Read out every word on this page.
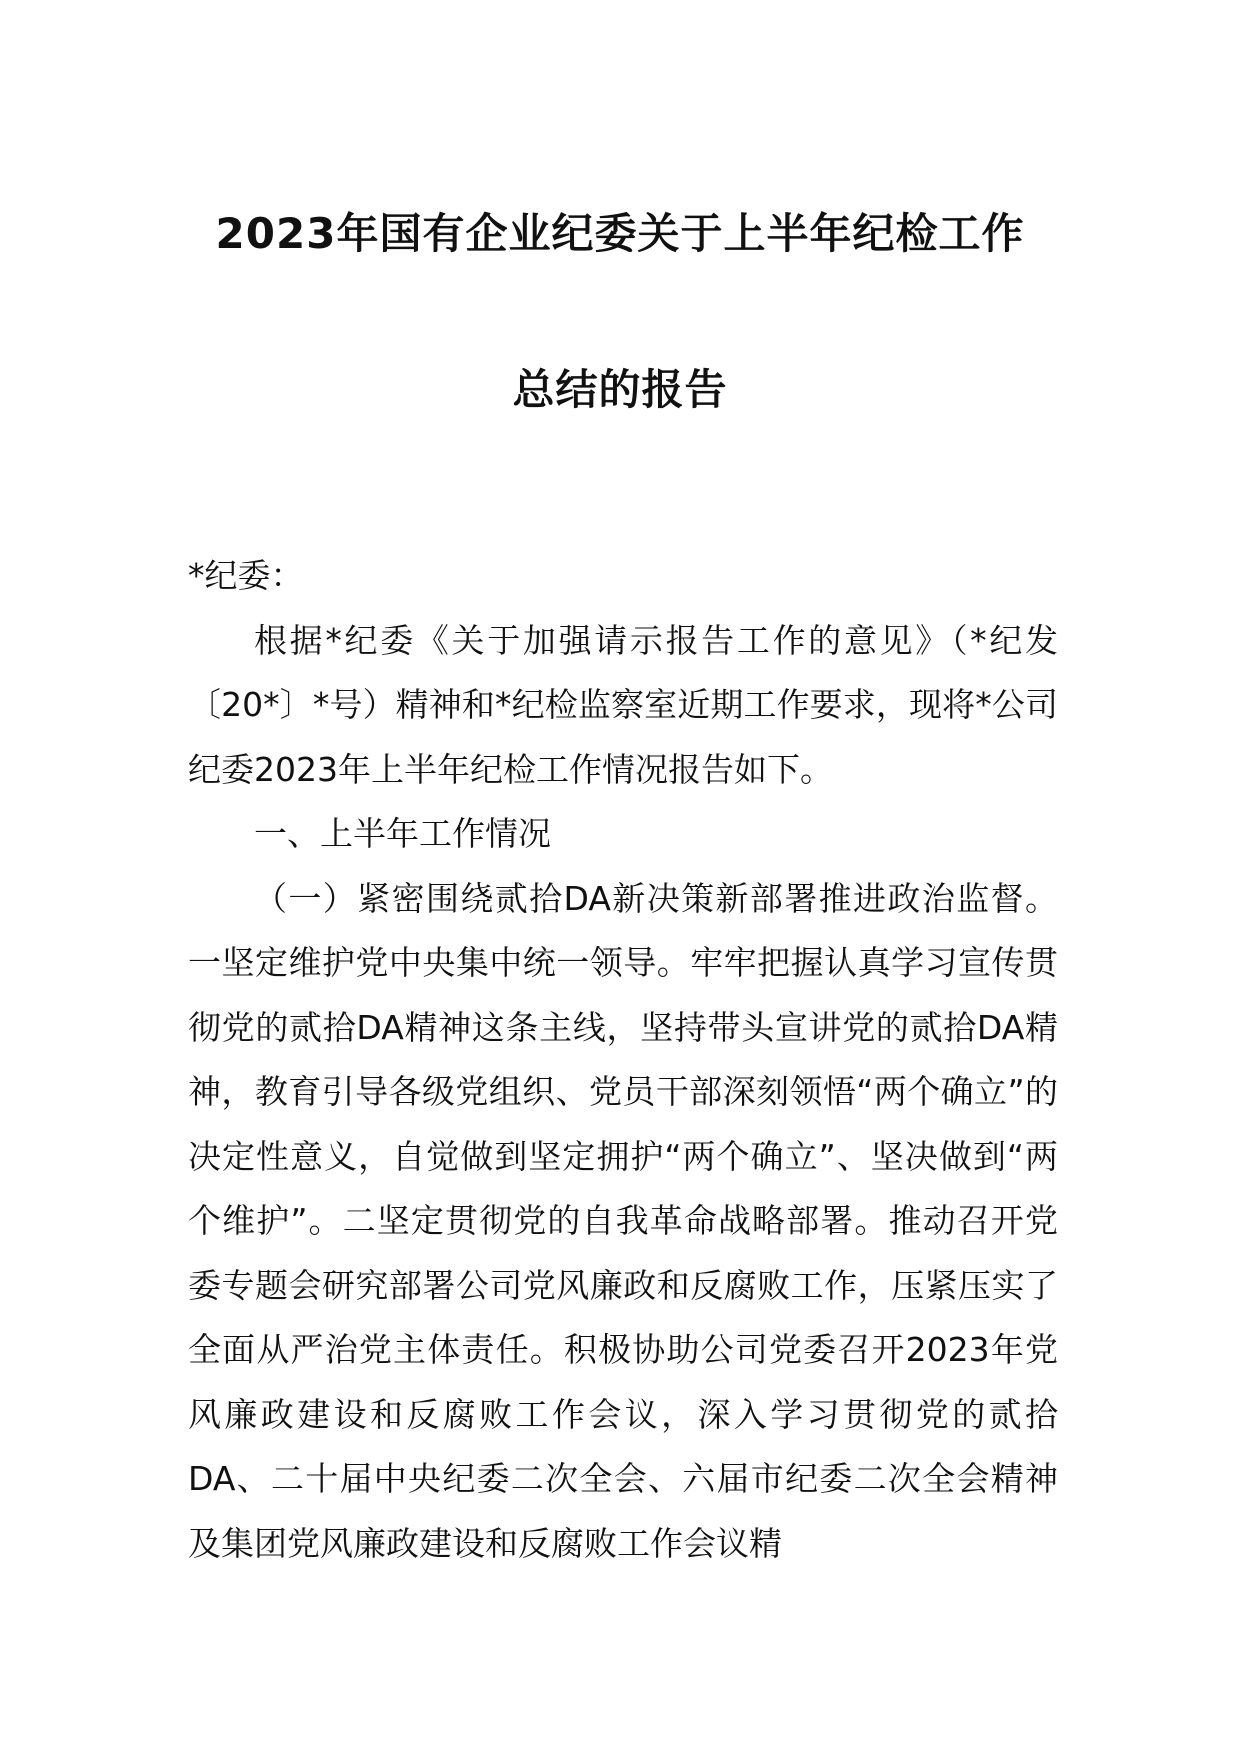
2023年国有企业纪委关于上半年纪检工作
总结的报告

*纪委：

根据*纪委《关于加强请示报告工作的意见》（*纪发〔20*〕*号）精神和*纪检监察室近期工作要求，现将*公司纪委2023年上半年纪检工作情况报告如下。

一、上半年工作情况

（一）紧密围绕贰拾DA新决策新部署推进政治监督。一坚定维护党中央集中统一领导。牢牢把握认真学习宣传贯彻党的贰拾DA精神这条主线，坚持带头宣讲党的贰拾DA精神，教育引导各级党组织、党员干部深刻领悟“两个确立”的决定性意义，自觉做到坚定拥护“两个确立”、坚决做到“两个维护”。二坚定贯彻党的自我革命战略部署。推动召开党委专题会研究部署公司党风廉政和反腐败工作，压紧压实了全面从严治党主体责任。积极协助公司党委召开2023年党风廉政建设和反腐败工作会议，深入学习贯彻党的贰拾DA、二十届中央纪委二次全会、六届市纪委二次全会精神及集团党风廉政建设和反腐败工作会议精
